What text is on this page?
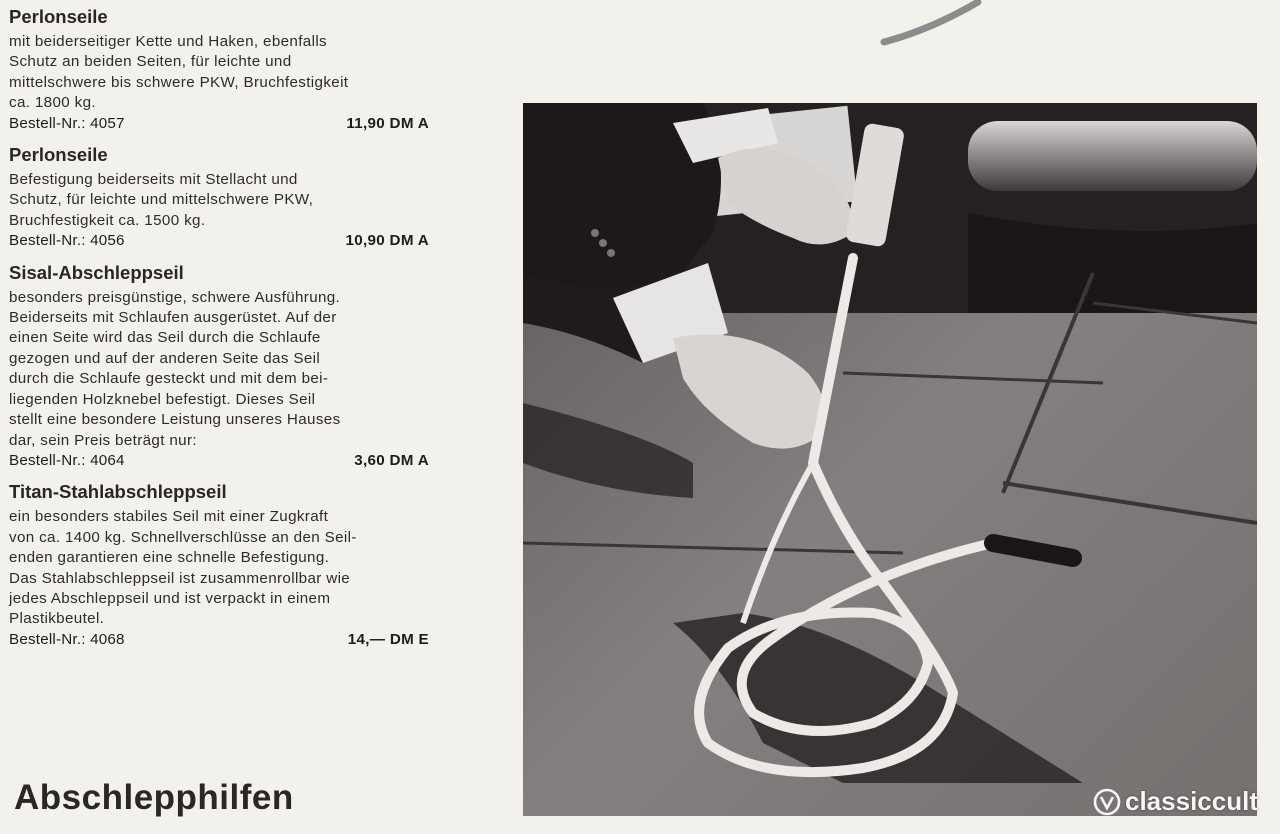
Perlonseile

mit beiderseitiger Kette und Haken, ebenfalls
Schutz an beiden Seiten, für leichte und
mittelschwere bis schwere PKW, Bruchfestigkeit
ca. 1800 kg.

Bestell-Nr.: 4057	11,90 DM A
Perlonseile

Befestigung beiderseits mit Stellacht und
Schutz, für leichte und mittelschwere PKW,
Bruchfestigkeit ca. 1500 kg.

Bestell-Nr.: 4056	10,90 DM A
Sisal-Abschleppseil

besonders preisgünstige, schwere Ausführung.
Beiderseits mit Schlaufen ausgerüstet. Auf der
einen Seite wird das Seil durch die Schlaufe
gezogen und auf der anderen Seite das Seil
durch die Schlaufe gesteckt und mit dem bei-
liegenden Holzknebel befestigt. Dieses Seil
stellt eine besondere Leistung unseres Hauses
dar, sein Preis beträgt nur:

Bestell-Nr.: 4064	3,60 DM A
Titan-Stahlabschleppseil

ein besonders stabiles Seil mit einer Zugkraft
von ca. 1400 kg. Schnellverschlüsse an den Seil-
enden garantieren eine schnelle Befestigung.
Das Stahlabschleppseil ist zusammenrollbar wie
jedes Abschleppseil und ist verpackt in einem
Plastikbeutel.

Bestell-Nr.: 4068	14,— DM E
Abschlepphilfen	classiccult
